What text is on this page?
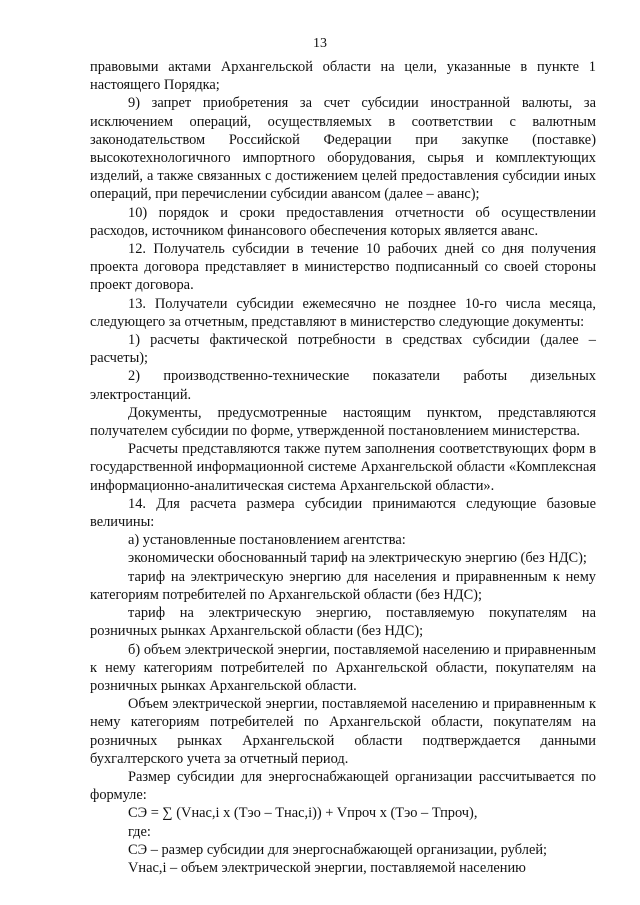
13

правовыми актами Архангельской области на цели, указанные в пункте 1 настоящего Порядка;

9) запрет приобретения за счет субсидии иностранной валюты, за исключением операций, осуществляемых в соответствии с валютным законодательством Российской Федерации при закупке (поставке) высокотехнологичного импортного оборудования, сырья и комплектующих изделий, а также связанных с достижением целей предоставления субсидии иных операций, при перечислении субсидии авансом (далее – аванс);

10) порядок и сроки предоставления отчетности об осуществлении расходов, источником финансового обеспечения которых является аванс.

12. Получатель субсидии в течение 10 рабочих дней со дня получения проекта договора представляет в министерство подписанный со своей стороны проект договора.

13. Получатели субсидии ежемесячно не позднее 10-го числа месяца, следующего за отчетным, представляют в министерство следующие документы:

1) расчеты фактической потребности в средствах субсидии (далее – расчеты);

2) производственно-технические показатели работы дизельных электростанций.

Документы, предусмотренные настоящим пунктом, представляются получателем субсидии по форме, утвержденной постановлением министерства.

Расчеты представляются также путем заполнения соответствующих форм в государственной информационной системе Архангельской области «Комплексная информационно-аналитическая система Архангельской области».

14. Для расчета размера субсидии принимаются следующие базовые величины:

а) установленные постановлением агентства:

экономически обоснованный тариф на электрическую энергию (без НДС);

тариф на электрическую энергию для населения и приравненным к нему категориям потребителей по Архангельской области (без НДС);

тариф на электрическую энергию, поставляемую покупателям на розничных рынках Архангельской области (без НДС);

б) объем электрической энергии, поставляемой населению и приравненным к нему категориям потребителей по Архангельской области, покупателям на розничных рынках Архангельской области.

Объем электрической энергии, поставляемой населению и приравненным к нему категориям потребителей по Архангельской области, покупателям на розничных рынках Архангельской области подтверждается данными бухгалтерского учета за отчетный период.

Размер субсидии для энергоснабжающей организации рассчитывается по формуле:

СЭ = ∑ (Vнас,i x (Тэо – Тнас,i)) + Vпроч x (Тэо – Тпроч),

где:

СЭ – размер субсидии для энергоснабжающей организации, рублей;

Vнас,i – объем электрической энергии, поставляемой населению
